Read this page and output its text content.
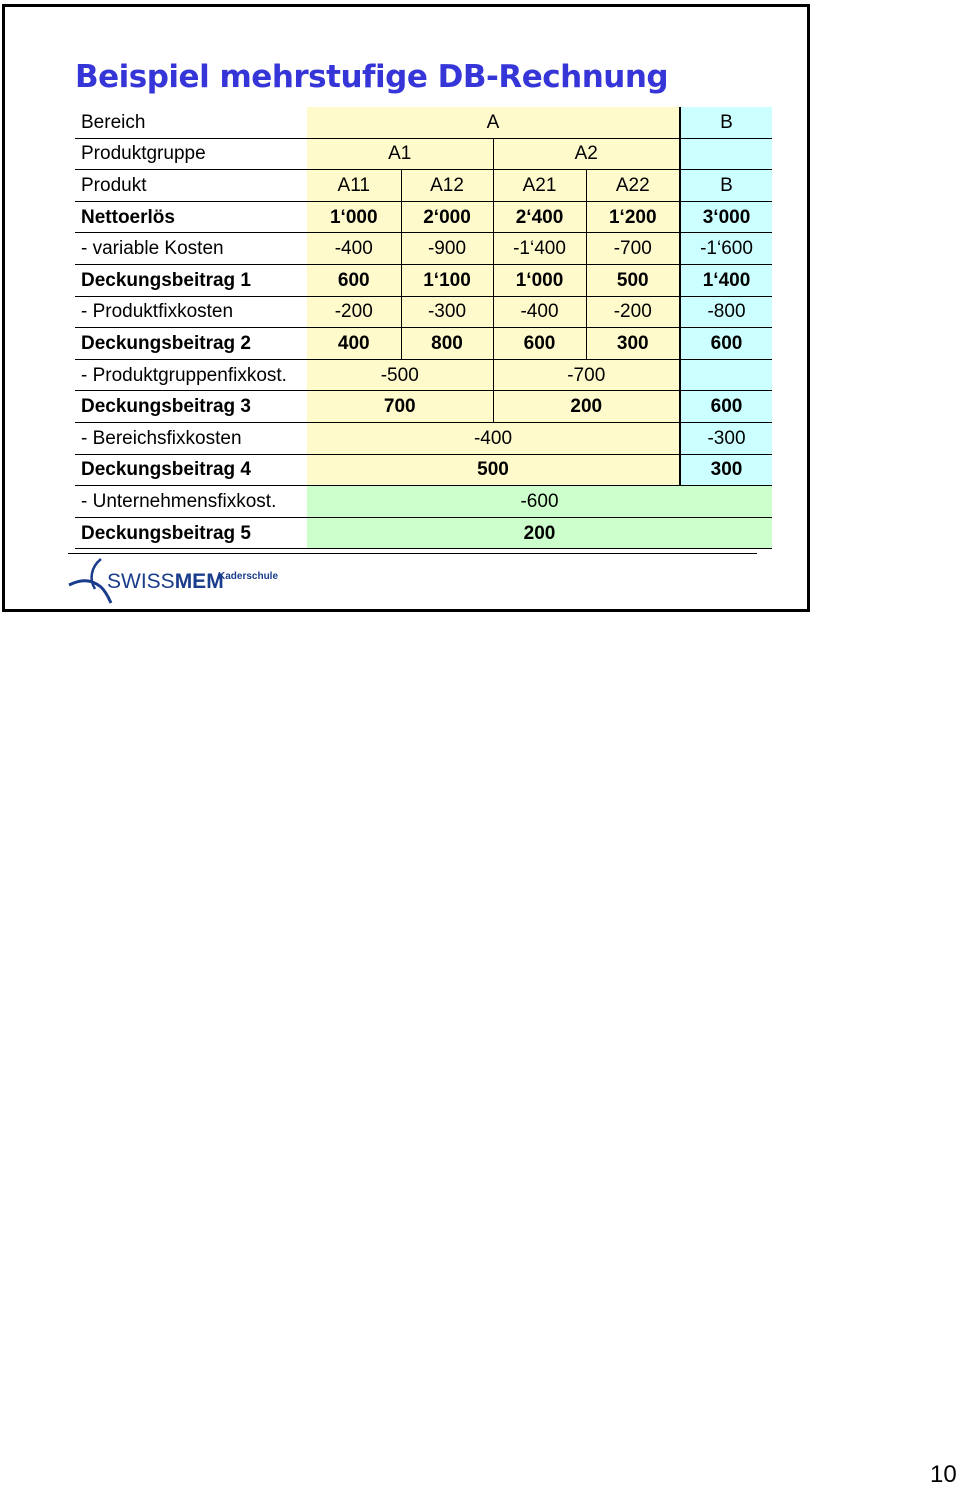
Beispiel mehrstufige DB-Rechnung
Bereich	A				B
Produktgruppe	A1		A2		
Produkt	A11	A12	A21	A22	B
Nettoerlös	1‘000	2‘000	2‘400	1‘200	3‘000
- variable Kosten	-400	-900	-1‘400	-700	-1‘600
Deckungsbeitrag 1	600	1‘100	1‘000	500	1‘400
- Produktfixkosten	-200	-300	-400	-200	-800
Deckungsbeitrag 2	400	800	600	300	600
- Produktgruppenfixkost.	-500		-700		
Deckungsbeitrag 3	700		200		600
- Bereichsfixkosten	-400				-300
Deckungsbeitrag 4	500				300
- Unternehmensfixkost.	-600				
Deckungsbeitrag 5	200				
SWISSMEM
Kaderschule
10
